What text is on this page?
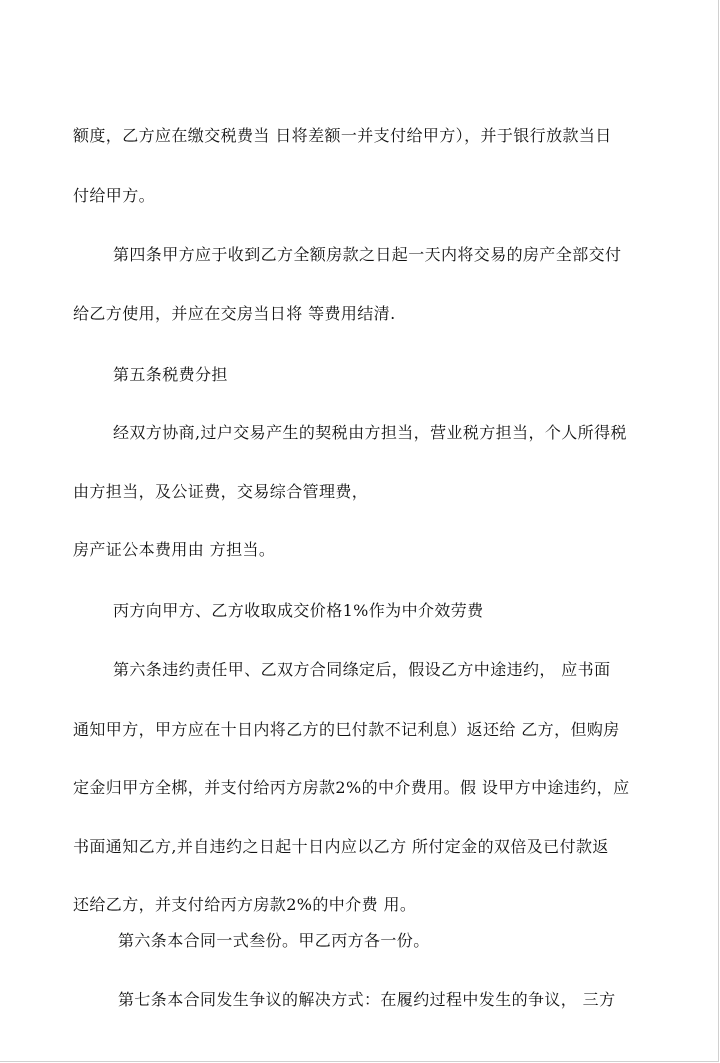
额度，乙方应在缴交税费当 日将差额一并支付给甲方），并于银行放款当日
付给甲方。
第四条甲方应于收到乙方全额房款之日起一天内将交易的房产全部交付
给乙方使用，并应在交房当日将 等费用结清.
第五条税费分担
经双方协商,过户交易产生的契税由方担当，营业税方担当，个人所得税
由方担当，及公证费，交易综合管理费，
房产证公本费用由 方担当。
丙方向甲方、乙方收取成交价格1%作为中介效劳费
第六条违约责任甲、乙双方合同绦定后，假设乙方中途违约， 应书面
通知甲方，甲方应在十日内将乙方的巳付款不记利息）返还给 乙方，但购房
定金归甲方全梆，并支付给丙方房款2%的中介费用。假 设甲方中途违约，应
书面通知乙方,并自违约之日起十日内应以乙方 所付定金的双倍及已付款返
还给乙方，并支付给丙方房款2%的中介费 用。
第六条本合同一式叁份。甲乙丙方各一份。
第七条本合同发生争议的解决方式：在履约过程中发生的争议， 三方
